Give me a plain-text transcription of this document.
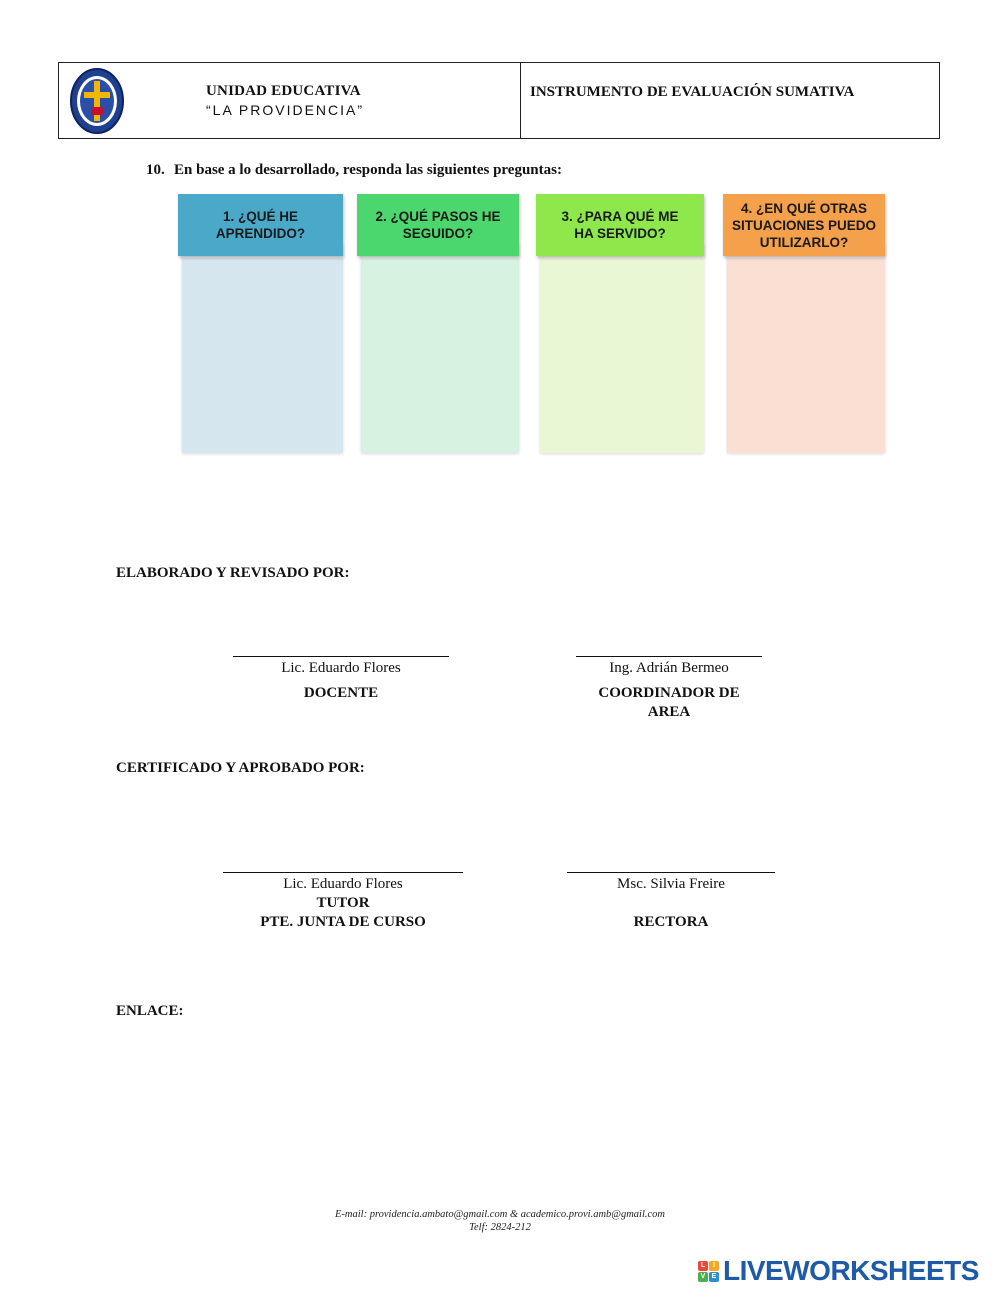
UNIDAD EDUCATIVA
“LA PROVIDENCIA”
INSTRUMENTO DE EVALUACIÓN SUMATIVA
10. En base a lo desarrollado, responda las siguientes preguntas:
1. ¿QUÉ HE APRENDIDO?
2. ¿QUÉ PASOS HE SEGUIDO?
3. ¿PARA QUÉ ME HA SERVIDO?
4. ¿EN QUÉ OTRAS SITUACIONES PUEDO UTILIZARLO?
ELABORADO Y REVISADO POR:
Lic. Eduardo Flores
DOCENTE
Ing. Adrián Bermeo
COORDINADOR DE
AREA
CERTIFICADO Y APROBADO POR:
Lic. Eduardo Flores
TUTOR
PTE. JUNTA DE CURSO
Msc. Silvia Freire
RECTORA
ENLACE:
E-mail: providencia.ambato@gmail.com & academico.provi.amb@gmail.com
Telf: 2824-212
L	I
V E LIVEWORKSHEETS
